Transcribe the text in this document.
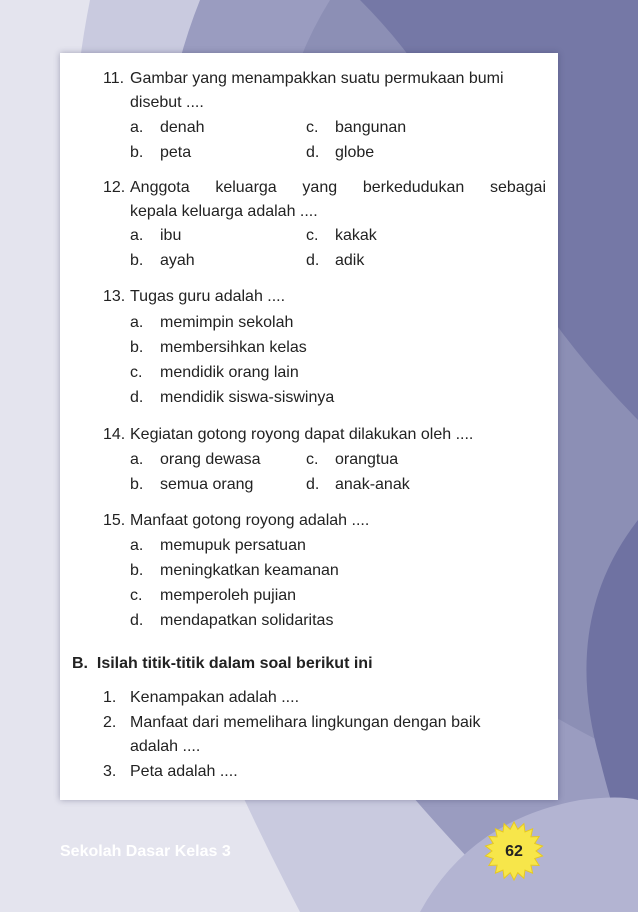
11. Gambar yang menampakkan suatu permukaan bumi
disebut ....
a. denah	c. bangunan
b. peta	d. globe
12. Anggota keluarga yang berkedudukan sebagai
kepala keluarga adalah ....
a. ibu	c. kakak
b. ayah	d. adik
13. Tugas guru adalah ....
a. memimpin sekolah
b. membersihkan kelas
c. mendidik orang lain
d. mendidik siswa-siswinya
14. Kegiatan gotong royong dapat dilakukan oleh ....
a. orang dewasa	c. orangtua
b. semua orang	d. anak-anak
15. Manfaat gotong royong adalah ....
a. memupuk persatuan
b. meningkatkan keamanan
c. memperoleh pujian
d. mendapatkan solidaritas
B.  Isilah titik-titik dalam soal berikut ini
1. Kenampakan adalah ....
2. Manfaat dari memelihara lingkungan dengan baik
adalah ....
3. Peta adalah ....
Sekolah Dasar Kelas 3	62
